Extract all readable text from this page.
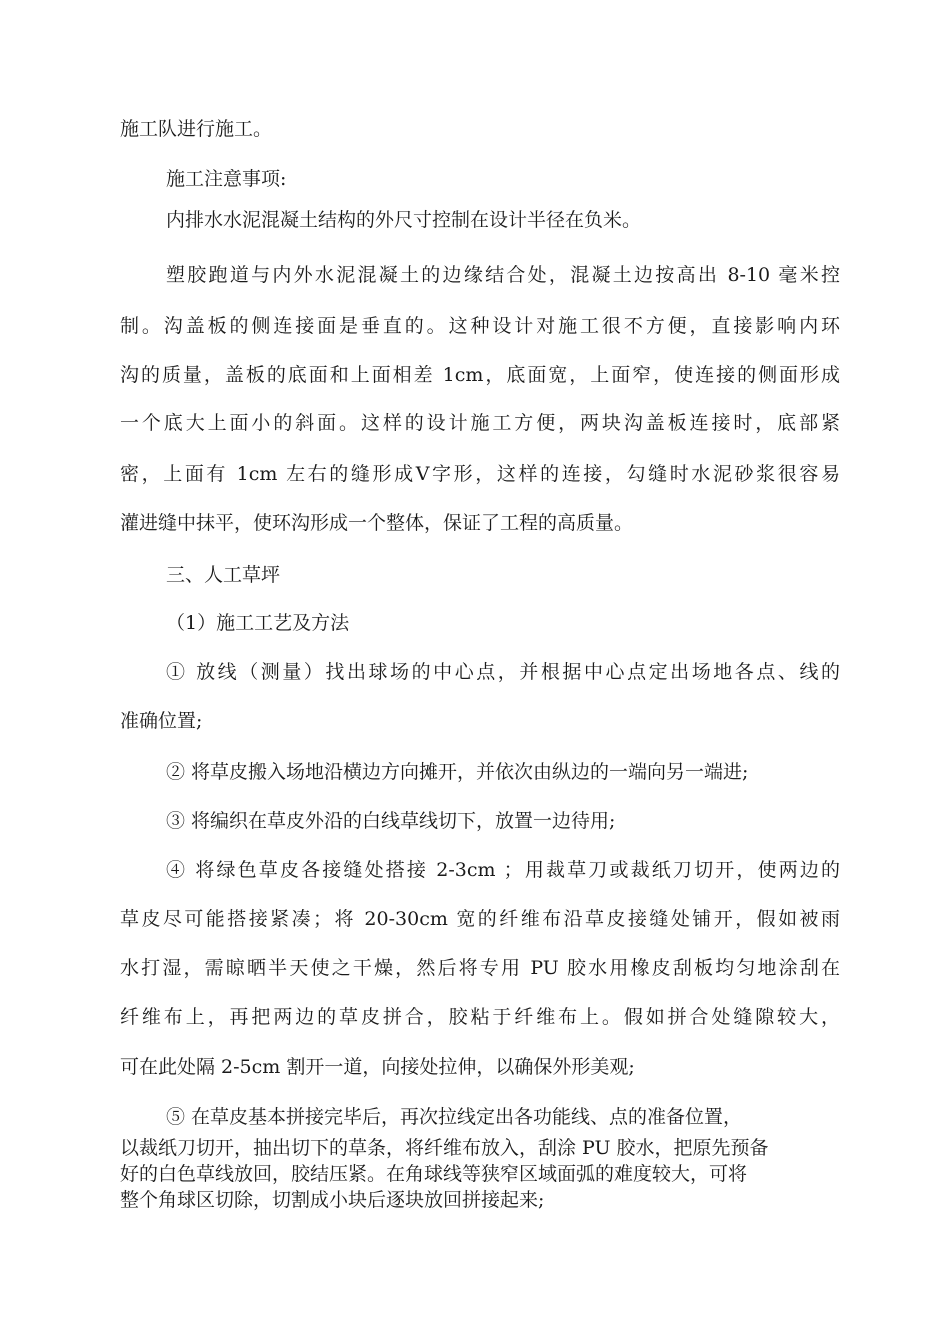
施工队进行施工。

施工注意事项:

内排水水泥混凝土结构的外尺寸控制在设计半径在负米。

塑胶跑道与内外水泥混凝土的边缘结合处，混凝土边按高出 8-10 毫米控

制。沟盖板的侧连接面是垂直的。这种设计对施工很不方便，直接影响内环

沟的质量，盖板的底面和上面相差 1cm，底面宽，上面窄，使连接的侧面形成

一个底大上面小的斜面。这样的设计施工方便，两块沟盖板连接时，底部紧

密，上面有 1cm 左右的缝形成Ⅴ字形，这样的连接，勾缝时水泥砂浆很容易

灌进缝中抹平，使环沟形成一个整体，保证了工程的高质量。

三、人工草坪

（1）施工工艺及方法

① 放线（测量）找出球场的中心点，并根据中心点定出场地各点、线的

准确位置;

② 将草皮搬入场地沿横边方向摊开，并依次由纵边的一端向另一端进;

③ 将编织在草皮外沿的白线草线切下，放置一边待用;

④ 将绿色草皮各接缝处搭接 2-3cm ；用裁草刀或裁纸刀切开，使两边的

草皮尽可能搭接紧凑；将 20-30cm 宽的纤维布沿草皮接缝处铺开，假如被雨

水打湿，需晾晒半天使之干燥，然后将专用 PU 胶水用橡皮刮板均匀地涂刮在

纤维布上，再把两边的草皮拼合，胶粘于纤维布上。假如拼合处缝隙较大，

可在此处隔 2-5cm 割开一道，向接处拉伸，以确保外形美观;

⑤ 在草皮基本拼接完毕后，再次拉线定出各功能线、点的准备位置，

以裁纸刀切开，抽出切下的草条，将纤维布放入，刮涂 PU 胶水，把原先预备

好的白色草线放回，胶结压紧。在角球线等狭窄区域面弧的难度较大，可将

整个角球区切除，切割成小块后逐块放回拼接起来;
